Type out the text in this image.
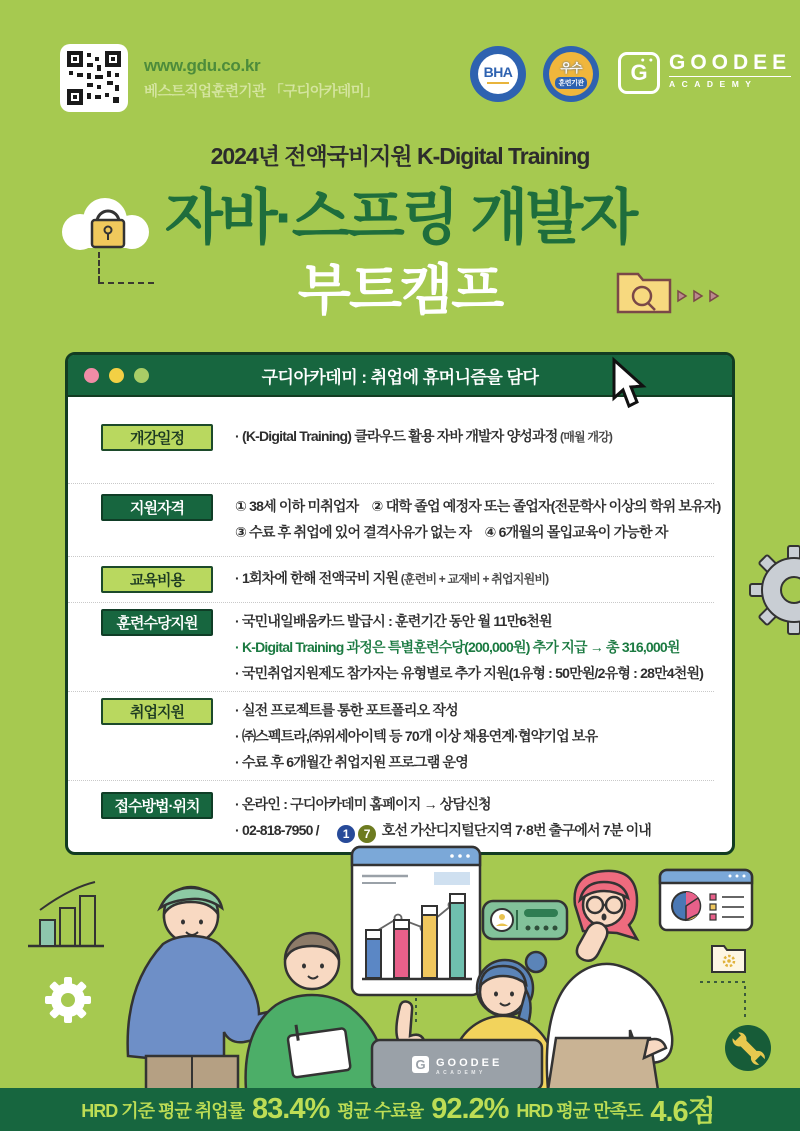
www.gdu.co.kr
베스트직업훈련기관 「구디아카데미」
BHA	우수
훈련기관 G
● ● GOODEE
ACADEMY
2024년 전액국비지원 K-Digital Training
자바·스프링 개발자
부트캠프
구디아카데미 : 취업에 휴머니즘을 담다
개강일정	· (K-Digital Training) 클라우드 활용 자바 개발자 양성과정 (매월 개강)
지원자격	① 38세 이하 미취업자　② 대학 졸업 예정자 또는 졸업자(전문학사 이상의 학위 보유자)
③ 수료 후 취업에 있어 결격사유가 없는 자　④ 6개월의 몰입교육이 가능한 자
교육비용	· 1회차에 한해 전액국비 지원 (훈련비 + 교재비 + 취업지원비)
훈련수당지원	· 국민내일배움카드 발급시 : 훈련기간 동안 월 11만6천원
· K-Digital Training 과정은 특별훈련수당(200,000원) 추가 지급 → 총 316,000원
· 국민취업지원제도 참가자는 유형별로 추가 지원(1유형 : 50만원/2유형 : 28만4천원)
취업지원	· 실전 프로젝트를 통한 포트폴리오 작성
· ㈜스펙트라,㈜위세아이텍 등 70개 이상 채용연계·협약기업 보유
· 수료 후 6개월간 취업지원 프로그램 운영
접수방법·위치	· 온라인 : 구디아카데미 홈페이지 → 상담신청
· 02-818-7950 /	1	7 호선 가산디지털단지역 7·8번 출구에서 7분 이내
G GOODEE
ACADEMY
HRD 기준 평균 취업률 83.4% 평균 수료율 92.2% HRD 평균 만족도 4.6점
